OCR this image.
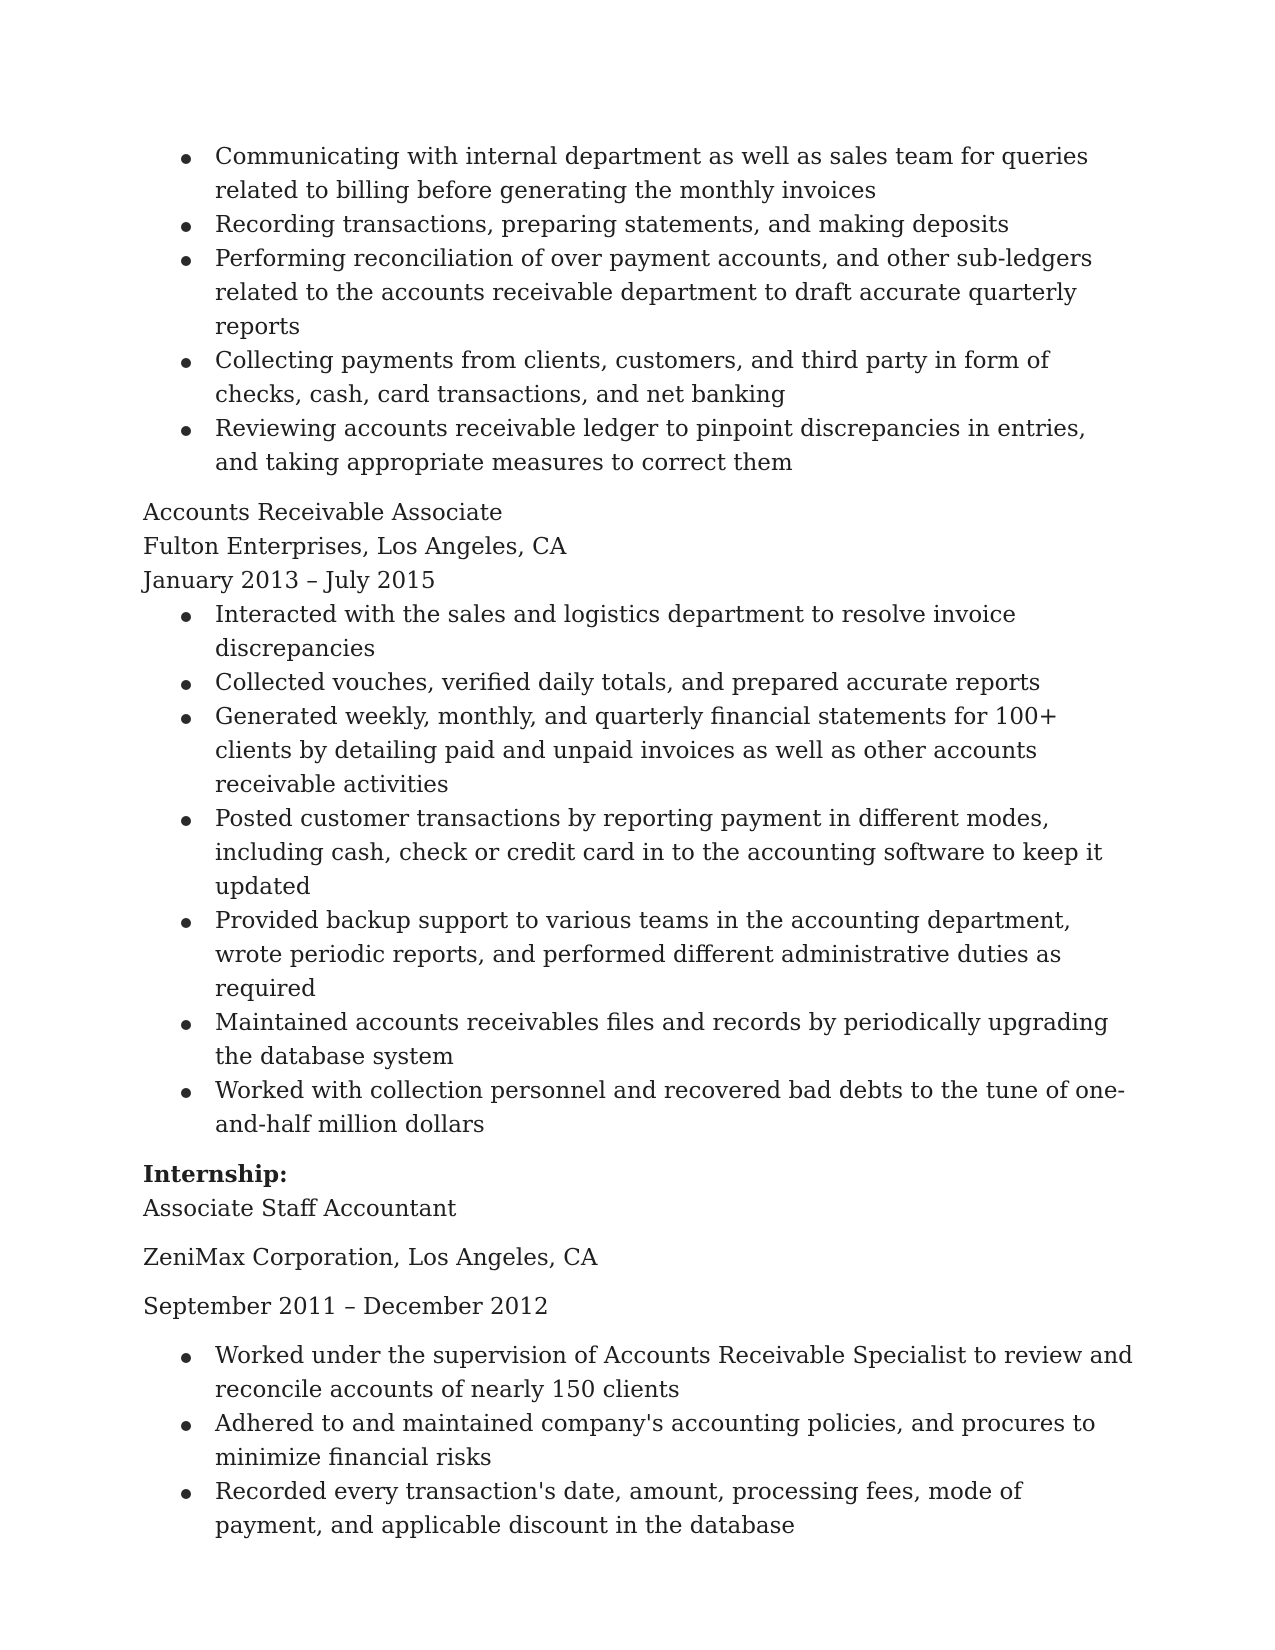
Communicating with internal department as well as sales team for queries related to billing before generating the monthly invoices
Recording transactions, preparing statements, and making deposits
Performing reconciliation of over payment accounts, and other sub-ledgers related to the accounts receivable department to draft accurate quarterly reports
Collecting payments from clients, customers, and third party in form of checks, cash, card transactions, and net banking
Reviewing accounts receivable ledger to pinpoint discrepancies in entries, and taking appropriate measures to correct them

Accounts Receivable Associate

Fulton Enterprises, Los Angeles, CA

January 2013 – July 2015

Interacted with the sales and logistics department to resolve invoice discrepancies
Collected vouches, verified daily totals, and prepared accurate reports
Generated weekly, monthly, and quarterly financial statements for 100+ clients by detailing paid and unpaid invoices as well as other accounts receivable activities
Posted customer transactions by reporting payment in different modes, including cash, check or credit card in to the accounting software to keep it updated
Provided backup support to various teams in the accounting department, wrote periodic reports, and performed different administrative duties as required
Maintained accounts receivables files and records by periodically upgrading the database system
Worked with collection personnel and recovered bad debts to the tune of one-and-half million dollars

Internship:

Associate Staff Accountant

ZeniMax Corporation, Los Angeles, CA

September 2011 – December 2012

Worked under the supervision of Accounts Receivable Specialist to review and reconcile accounts of nearly 150 clients
Adhered to and maintained company's accounting policies, and procures to minimize financial risks
Recorded every transaction's date, amount, processing fees, mode of payment, and applicable discount in the database
